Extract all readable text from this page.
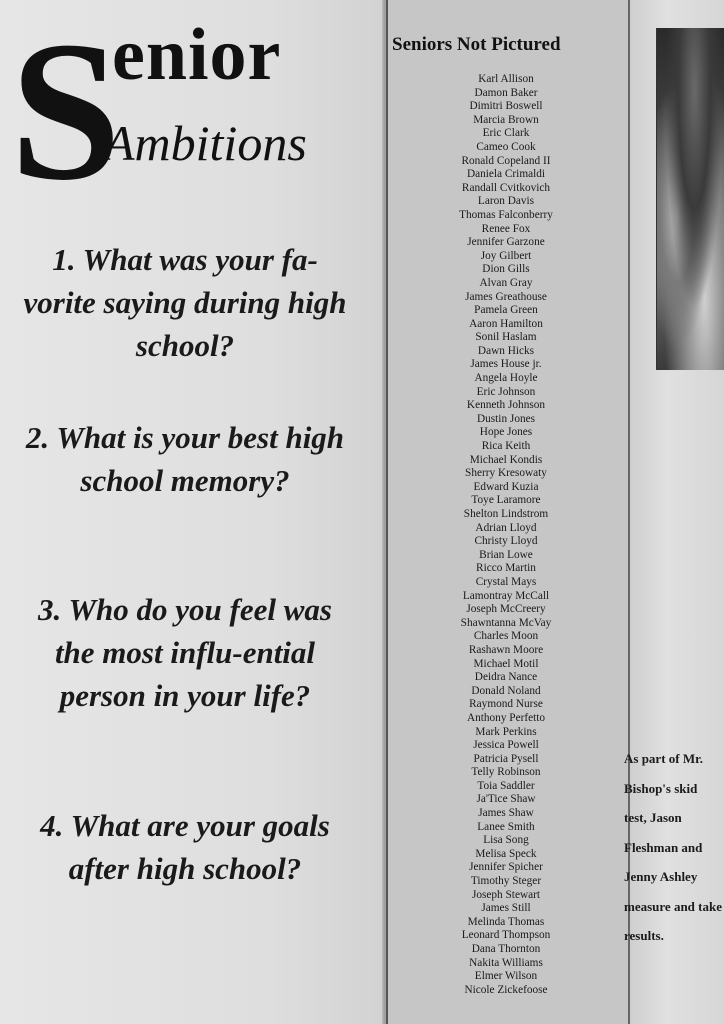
S
enior
Ambitions

1. What was your fa-vorite saying during high school?

2. What is your best high school memory?

3. Who do you feel was the most influ-ential person in your life?

4. What are your goals after high school?

Seniors Not Pictured
Karl Allison
Damon Baker
Dimitri Boswell
Marcia Brown
Eric Clark
Cameo Cook
Ronald Copeland II
Daniela Crimaldi
Randall Cvitkovich
Laron Davis
Thomas Falconberry
Renee Fox
Jennifer Garzone
Joy Gilbert
Dion Gills
Alvan Gray
James Greathouse
Pamela Green
Aaron Hamilton
Sonil Haslam
Dawn Hicks
James House jr.
Angela Hoyle
Eric Johnson
Kenneth Johnson
Dustin Jones
Hope Jones
Rica Keith
Michael Kondis
Sherry Kresowaty
Edward Kuzia
Toye Laramore
Shelton Lindstrom
Adrian Lloyd
Christy Lloyd
Brian Lowe
Ricco Martin
Crystal Mays
Lamontray McCall
Joseph McCreery
Shawntanna McVay
Charles Moon
Rashawn Moore
Michael Motil
Deidra Nance
Donald Noland
Raymond Nurse
Anthony Perfetto
Mark Perkins
Jessica Powell
Patricia Pysell
Telly Robinson
Toia Saddler
Ja'Tice Shaw
James Shaw
Lanee Smith
Lisa Song
Melisa Speck
Jennifer Spicher
Timothy Steger
Joseph Stewart
James Still
Melinda Thomas
Leonard Thompson
Dana Thornton
Nakita Williams
Elmer Wilson
Nicole Zickefoose
As part of Mr. Bishop's skid test, Jason Fleshman and Jenny Ashley measure and take results.
